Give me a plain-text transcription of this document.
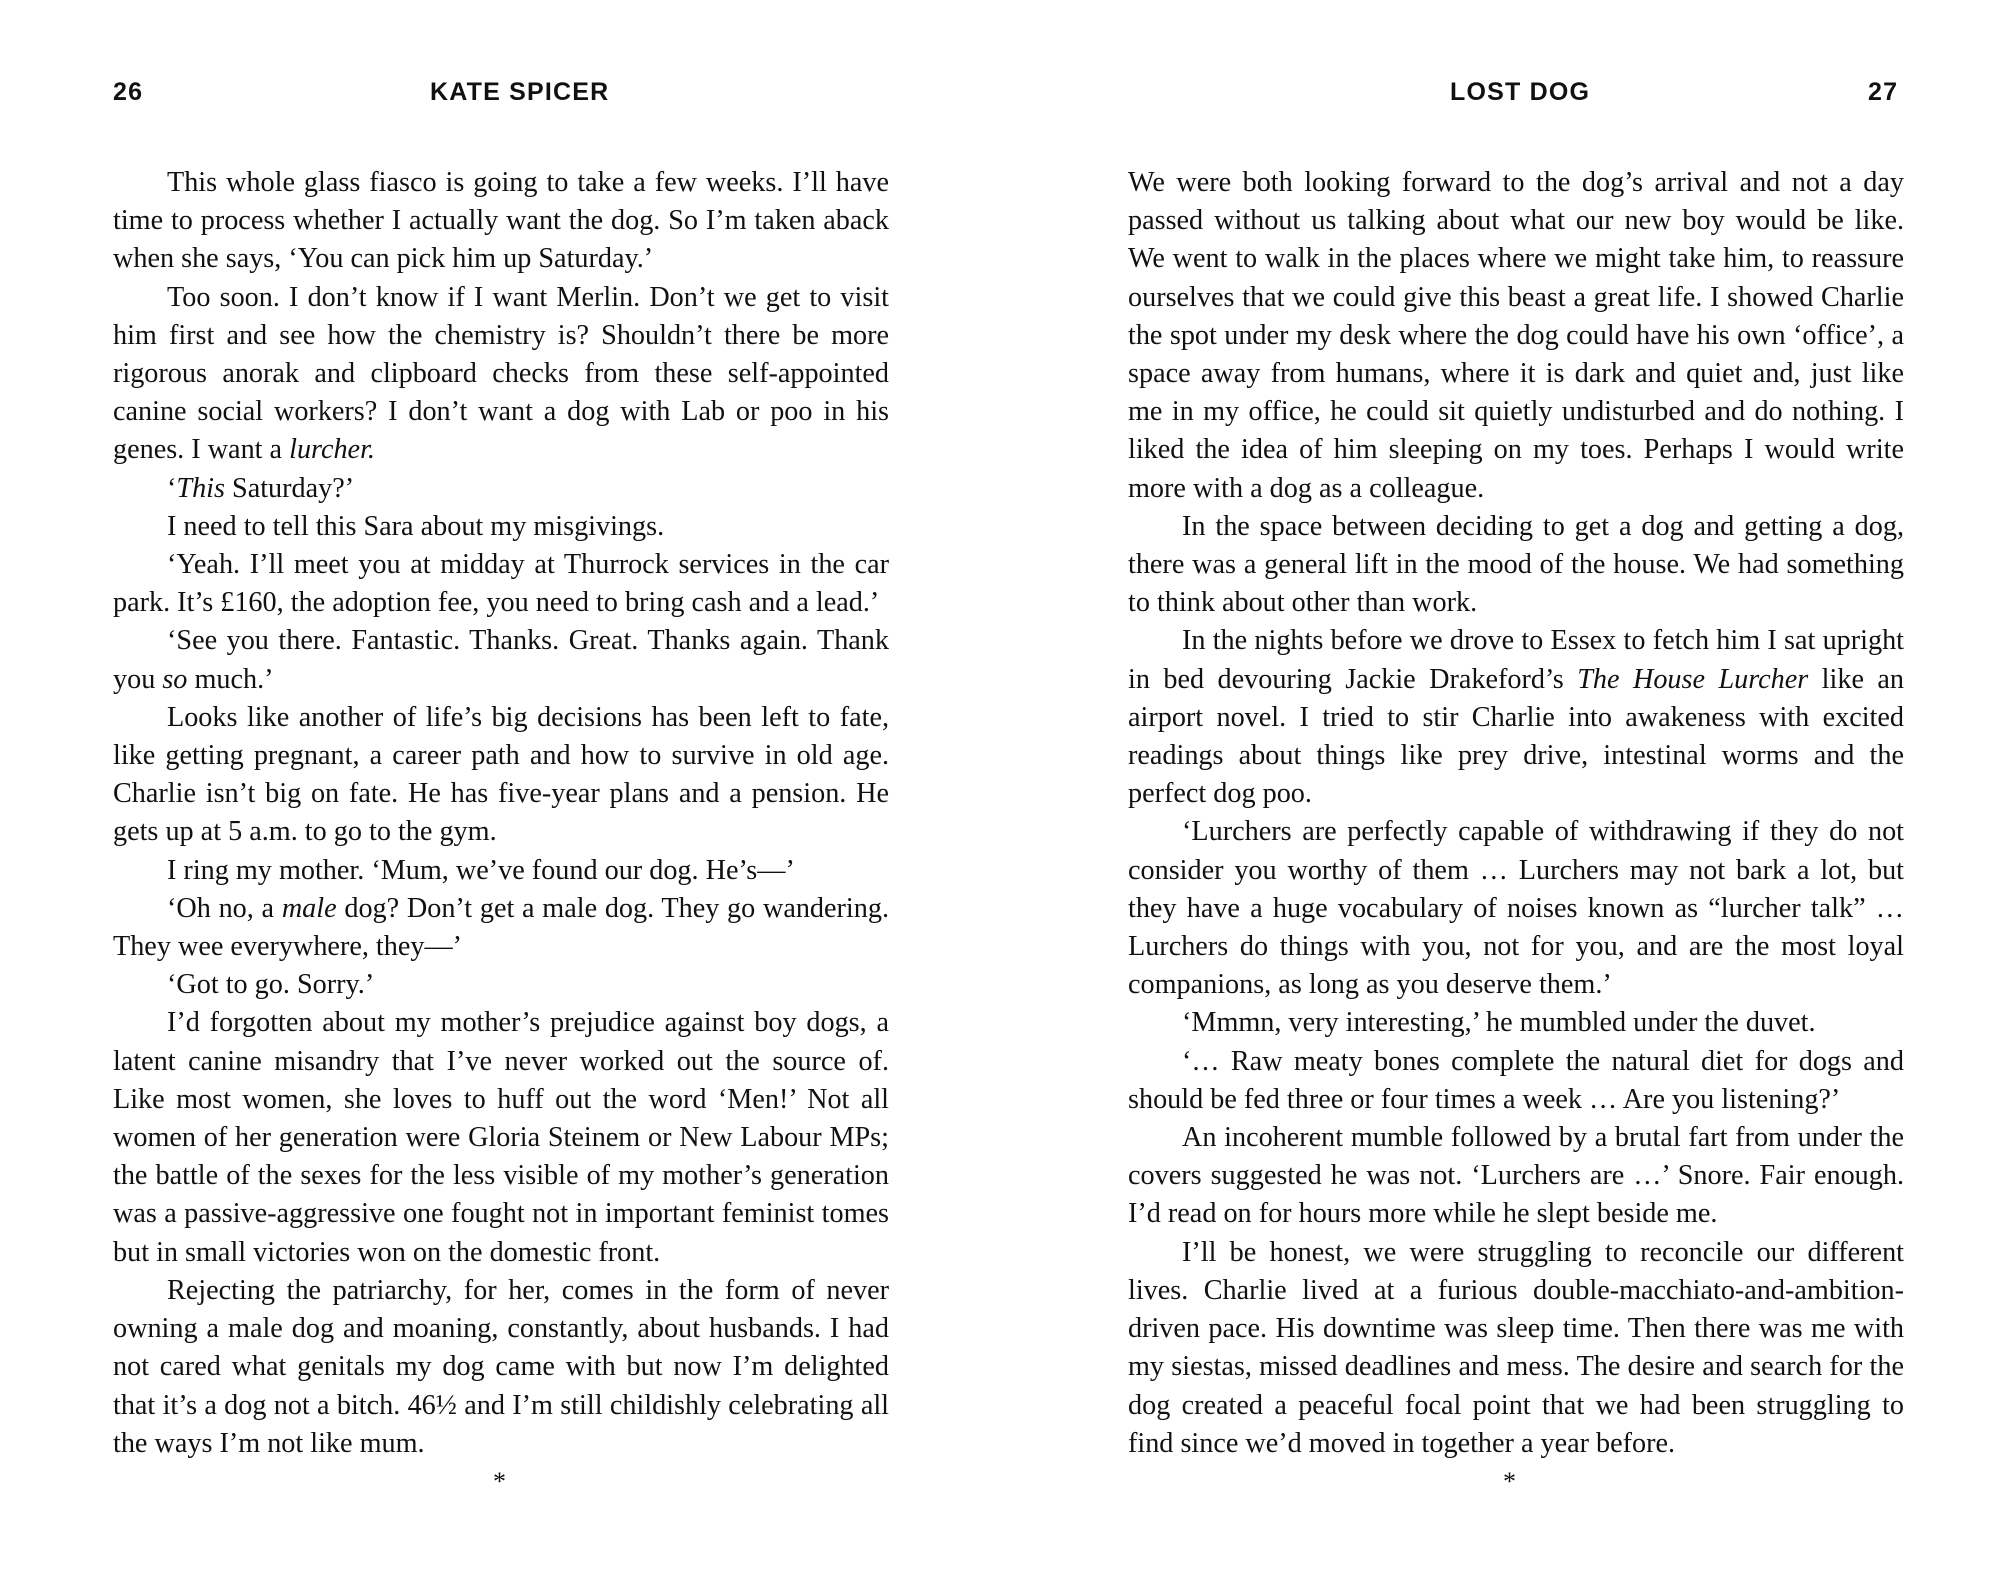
26	KATE SPICER

This whole glass fiasco is going to take a few weeks. I’ll have time to process whether I actually want the dog. So I’m taken aback when she says, ‘You can pick him up Saturday.’

Too soon. I don’t know if I want Merlin. Don’t we get to visit him first and see how the chemistry is? Shouldn’t there be more rigorous anorak and clipboard checks from these self-appointed canine social workers? I don’t want a dog with Lab or poo in his genes. I want a lurcher.

‘This Saturday?’

I need to tell this Sara about my misgivings.

‘Yeah. I’ll meet you at midday at Thurrock services in the car park. It’s £160, the adoption fee, you need to bring cash and a lead.’

‘See you there. Fantastic. Thanks. Great. Thanks again. Thank you so much.’

Looks like another of life’s big decisions has been left to fate, like getting pregnant, a career path and how to survive in old age. Charlie isn’t big on fate. He has five-year plans and a pension. He gets up at 5 a.m. to go to the gym.

I ring my mother. ‘Mum, we’ve found our dog. He’s—’

‘Oh no, a male dog? Don’t get a male dog. They go wandering. They wee everywhere, they—’

‘Got to go. Sorry.’

I’d forgotten about my mother’s prejudice against boy dogs, a latent canine misandry that I’ve never worked out the source of. Like most women, she loves to huff out the word ‘Men!’ Not all women of her generation were Gloria Steinem or New Labour MPs; the battle of the sexes for the less visible of my mother’s generation was a passive-aggressive one fought not in important feminist tomes but in small victories won on the domestic front.

Rejecting the patriarchy, for her, comes in the form of never owning a male dog and moaning, constantly, about husbands. I had not cared what genitals my dog came with but now I’m delighted that it’s a dog not a bitch. 46½ and I’m still childishly celebrating all the ways I’m not like mum.

*
LOST DOG	27

We were both looking forward to the dog’s arrival and not a day passed without us talking about what our new boy would be like. We went to walk in the places where we might take him, to reassure ourselves that we could give this beast a great life. I showed Charlie the spot under my desk where the dog could have his own ‘office’, a space away from humans, where it is dark and quiet and, just like me in my office, he could sit quietly undisturbed and do nothing. I liked the idea of him sleeping on my toes. Perhaps I would write more with a dog as a colleague.

In the space between deciding to get a dog and getting a dog, there was a general lift in the mood of the house. We had something to think about other than work.

In the nights before we drove to Essex to fetch him I sat upright in bed devouring Jackie Drakeford’s The House Lurcher like an airport novel. I tried to stir Charlie into awakeness with excited readings about things like prey drive, intestinal worms and the perfect dog poo.

‘Lurchers are perfectly capable of withdrawing if they do not consider you worthy of them … Lurchers may not bark a lot, but they have a huge vocabulary of noises known as “lurcher talk” … Lurchers do things with you, not for you, and are the most loyal companions, as long as you deserve them.’

‘Mmmn, very interesting,’ he mumbled under the duvet.

‘… Raw meaty bones complete the natural diet for dogs and should be fed three or four times a week … Are you listening?’

An incoherent mumble followed by a brutal fart from under the covers suggested he was not. ‘Lurchers are …’ Snore. Fair enough. I’d read on for hours more while he slept beside me.

I’ll be honest, we were struggling to reconcile our different lives. Charlie lived at a furious double-macchiato-and-ambition-driven pace. His downtime was sleep time. Then there was me with my siestas, missed deadlines and mess. The desire and search for the dog created a peaceful focal point that we had been struggling to find since we’d moved in together a year before.

*
